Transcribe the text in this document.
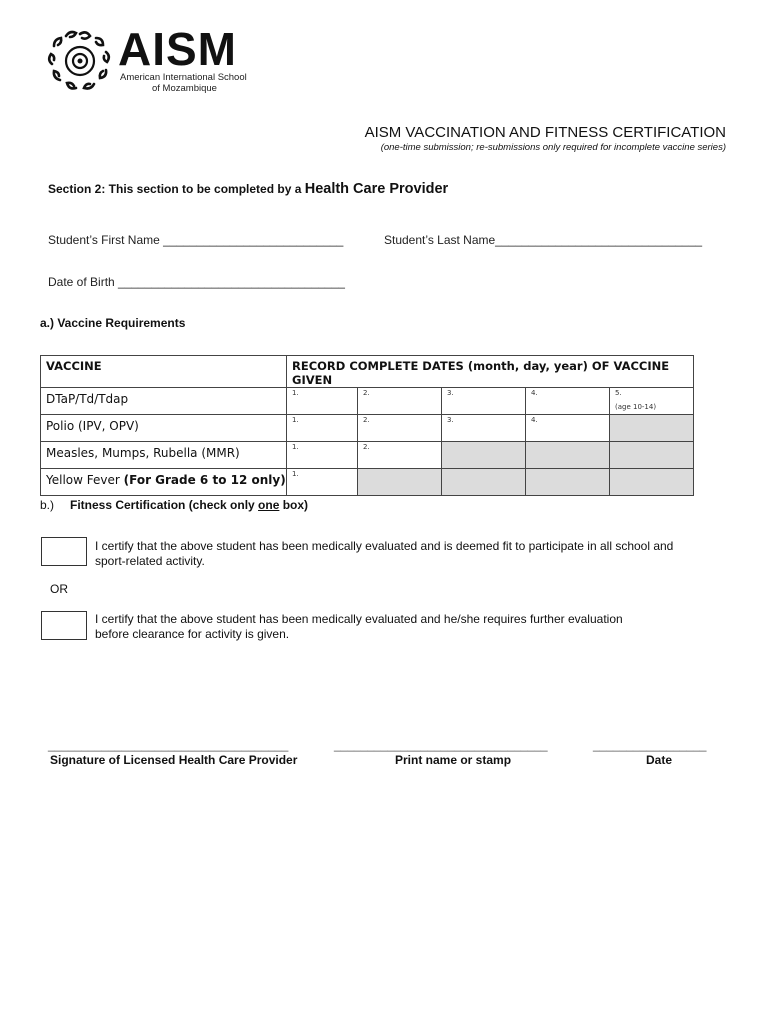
AISM
American International School
of Mozambique
AISM VACCINATION AND FITNESS CERTIFICATION
(one-time submission; re-submissions only required for incomplete vaccine series)
Section 2: This section to be completed by a Health Care Provider
Student’s First Name ___________________________	Student’s Last Name_______________________________
Date of Birth __________________________________
a.) Vaccine Requirements
VACCINE	RECORD COMPLETE DATES (month, day, year) OF VACCINE GIVEN				
DTaP/Td/Tdap	1.	2.	3.	4.	5.
(age 10-14)

Polio (IPV, OPV)	1.	2.	3.	4.	
Measles, Mumps, Rubella (MMR)	1.	2.			
Yellow Fever (For Grade 6 to 12 only)	1.				
b.) Fitness Certification (check only one box)
I certify that the above student has been medically evaluated and is deemed fit to participate in all school and
sport-related activity.
OR
I certify that the above student has been medically evaluated and he/she requires further evaluation
before clearance for activity is given.
____________________________________	________________________________	_________________
Signature of Licensed Health Care Provider	Print name or stamp	Date
